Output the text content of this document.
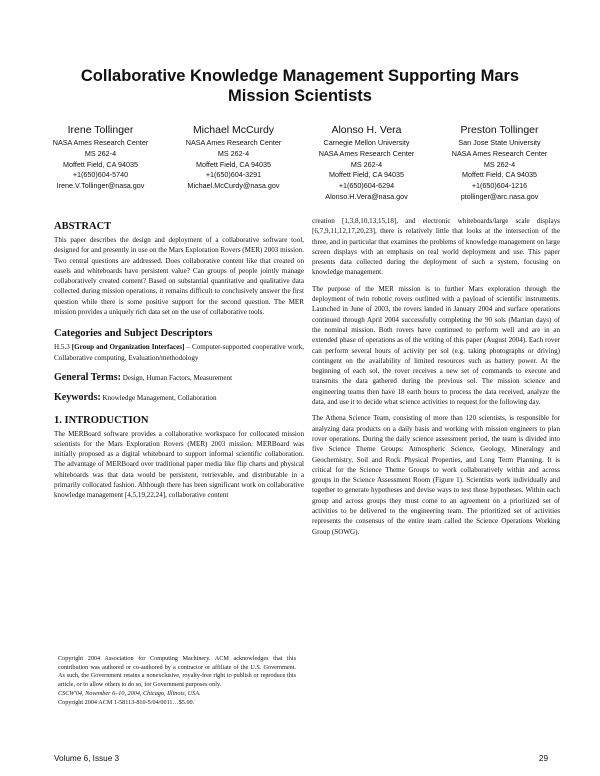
Collaborative Knowledge Management Supporting Mars
Mission Scientists
Irene Tollinger
NASA Ames Research Center
MS 262-4
Moffett Field, CA 94035
+1(650)604-5740
Irene.V.Tollinger@nasa.gov
Michael McCurdy
NASA Ames Research Center
MS 262-4
Moffett Field, CA 94035
+1(650)604-3291
Michael.McCurdy@nasa.gov
Alonso H. Vera
Carnegie Mellon University
NASA Ames Research Center
MS 262-4
Moffett Field, CA 94035
+1(650)604-6294
Alonso.H.Vera@nasa.gov
Preston Tollinger
San Jose State University
NASA Ames Research Center
MS 262-4
Moffett Field, CA 94035
+1(650)604-1216
ptollinger@arc.nasa.gov
ABSTRACT

This paper describes the design and deployment of a collaborative software tool, designed for and presently in use on the Mars Exploration Rovers (MER) 2003 mission. Two central questions are addressed. Does collaborative content like that created on easels and whiteboards have persistent value? Can groups of people jointly manage collaboratively created content? Based on substantial quantitative and qualitative data collected during mission operations, it remains difficult to conclusively answer the first question while there is some positive support for the second question. The MER mission provides a uniquely rich data set on the use of collaborative tools.

Categories and Subject Descriptors

H.5.3 [Group and Organization Interfaces] – Computer-supported cooperative work, Collaborative computing, Evaluation/methodology

General Terms: Design, Human Factors, Measurement

Keywords: Knowledge Management, Collaboration

1. INTRODUCTION

The MERBoard software provides a collaborative workspace for collocated mission scientists for the Mars Exploration Rovers (MER) 2003 mission. MERBoard was initially proposed as a digital whiteboard to support informal scientific collaboration. The advantage of MERBoard over traditional paper media like flip charts and physical whiteboards was that data would be persistent, retrievable, and distributable in a primarily collocated fashion. Although there has been significant work on collaborative knowledge management [4,5,19,22,24], collaborative content

Copyright 2004 Association for Computing Machinery. ACM acknowledges that this contribution was authored or co-authored by a contractor or affiliate of the U.S. Government. As such, the Government retains a nonexclusive, royalty-free right to publish or reproduce this article, or to allow others to do so, for Government purposes only.
CSCW'04, November 6–10, 2004, Chicago, Illinois, USA.
Copyright 2004 ACM 1-58113-810-5/04/0011…$5.00.

creation [1,3,8,10,13,15,18], and electronic whiteboards/large scale displays [6,7,9,11,12,17,20,23], there is relatively little that looks at the intersection of the three, and in particular that examines the problems of knowledge management on large screen displays with an emphasis on real world deployment and use. This paper presents data collected during the deployment of such a system, focusing on knowledge management.

The purpose of the MER mission is to further Mars exploration through the deployment of twin robotic rovers outfitted with a payload of scientific instruments. Launched in June of 2003, the rovers landed in January 2004 and surface operations continued through April 2004 successfully completing the 90 sols (Martian days) of the nominal mission. Both rovers have continued to perform well and are in an extended phase of operations as of the writing of this paper (August 2004). Each rover can perform several hours of activity per sol (e.g. taking photographs or driving) contingent on the availability of limited resources such as battery power. At the beginning of each sol, the rover receives a new set of commands to execute and transmits the data gathered during the previous sol. The mission science and engineering teams then have 18 earth hours to process the data received, analyze the data, and use it to decide what science activities to request for the following day.

The Athena Science Team, consisting of more than 120 scientists, is responsible for analyzing data products on a daily basis and working with mission engineers to plan rover operations. During the daily science assessment period, the team is divided into five Science Theme Groups: Atmospheric Science, Geology, Mineralogy and Geochemistry, Soil and Rock Physical Properties, and Long Term Planning. It is critical for the Science Theme Groups to work collaboratively within and across groups in the Science Assessment Room (Figure 1). Scientists work individually and together to generate hypotheses and devise ways to test those hypotheses. Within each group and across groups they must come to an agreement on a prioritized set of activities to be delivered to the engineering team. The prioritized set of activities represents the consensus of the entire team called the Science Operations Working Group (SOWG).

Volume 6, Issue 3	29
